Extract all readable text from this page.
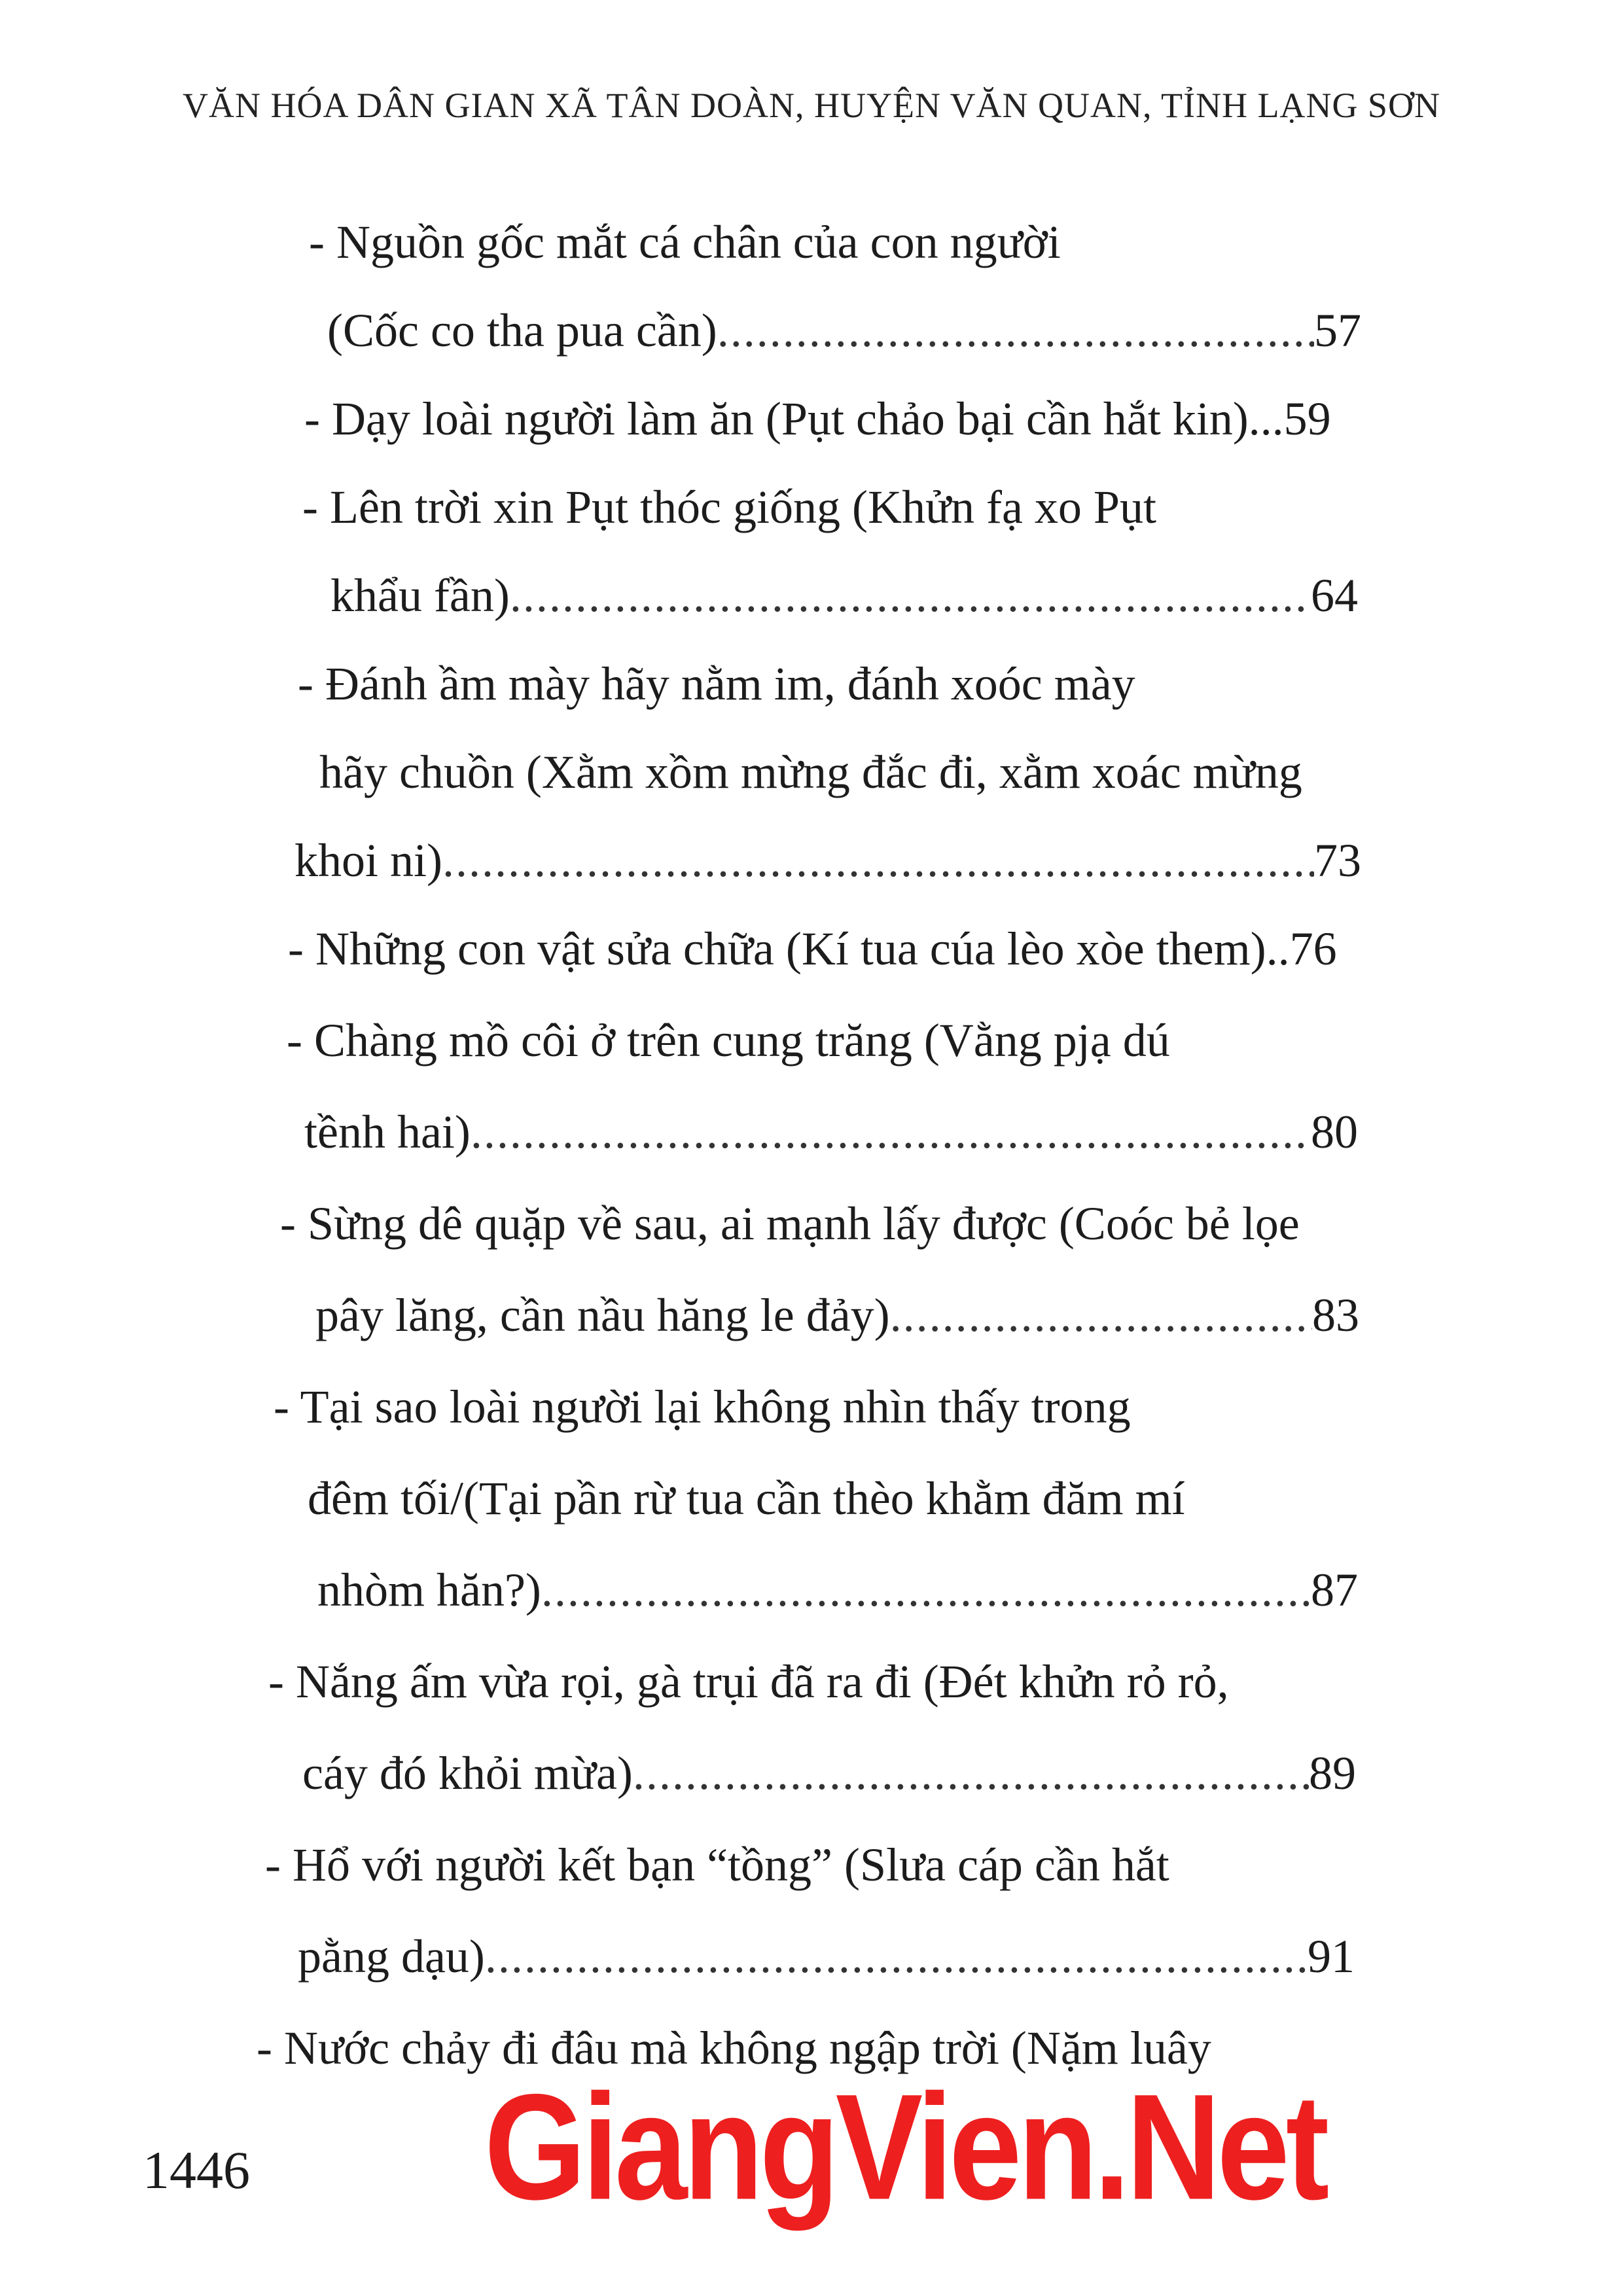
VĂN HÓA DÂN GIAN XÃ TÂN DOÀN, HUYỆN VĂN QUAN, TỈNH LẠNG SƠN
- Nguồn gốc mắt cá chân của con người
(Cốc co tha pua cần) .....	57
- Dạy loài người làm ăn (Pụt chảo bại cần hắt kin)...59
- Lên trời xin Pụt thóc giống (Khửn fạ xo Pụt
khẩu fần) .....	64
- Đánh ầm mày hãy nằm im, đánh xoóc mày
hãy chuồn (Xằm xồm mừng đắc đi, xằm xoác mừng
khoi ni) .....	73
- Những con vật sửa chữa (Kí tua cúa lèo xòe them)..76
- Chàng mồ côi ở trên cung trăng (Vằng pjạ dú
tềnh hai) .....	80
- Sừng dê quặp về sau, ai mạnh lấy được (Coóc bẻ lọe
pây lăng, cần nầu hăng le đảy) .....	83
- Tại sao loài người lại không nhìn thấy trong
đêm tối/(Tại pần rừ tua cần thèo khằm đăm mí
nhòm hăn?) .....	87
- Nắng ấm vừa rọi, gà trụi đã ra đi (Đét khửn rỏ rỏ,
cáy đó khỏi mừa) .....	89
- Hổ với người kết bạn “tồng” (Slưa cáp cần hắt
pằng dạu) .....	91
- Nước chảy đi đâu mà không ngập trời (Nặm luây
1446 GiangVien.Net
